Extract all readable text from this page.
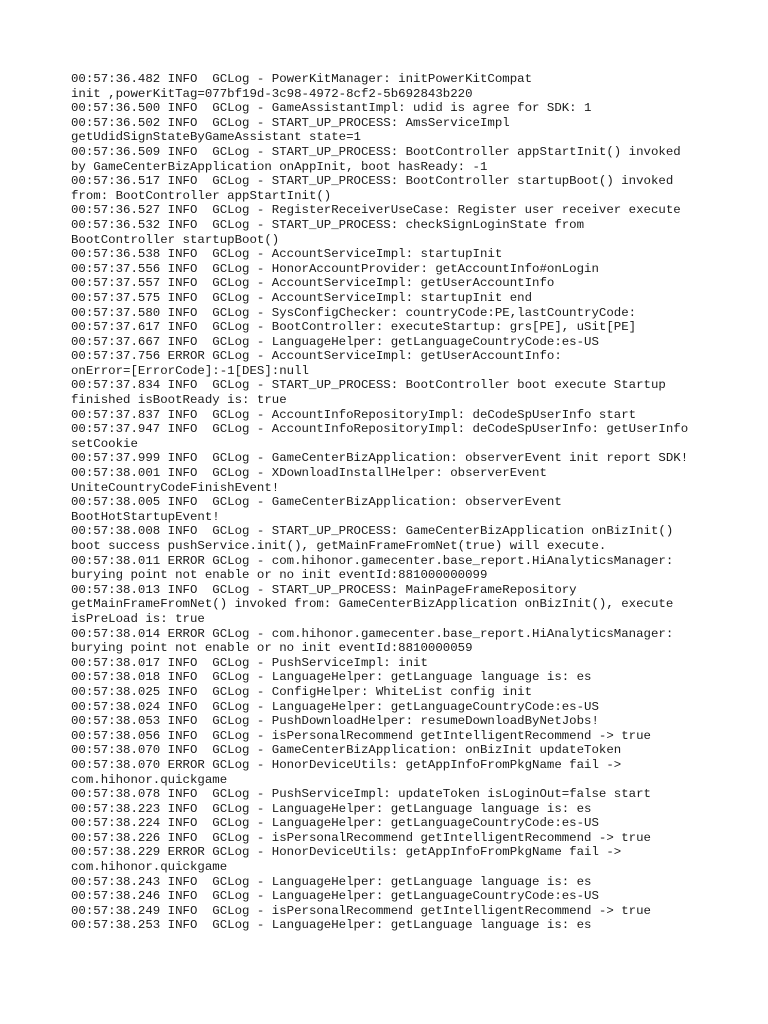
00:57:36.482 INFO  GCLog - PowerKitManager: initPowerKitCompat
init ,powerKitTag=077bf19d-3c98-4972-8cf2-5b692843b220
00:57:36.500 INFO  GCLog - GameAssistantImpl: udid is agree for SDK: 1
00:57:36.502 INFO  GCLog - START_UP_PROCESS: AmsServiceImpl
getUdidSignStateByGameAssistant state=1
00:57:36.509 INFO  GCLog - START_UP_PROCESS: BootController appStartInit() invoked
by GameCenterBizApplication onAppInit, boot hasReady: -1
00:57:36.517 INFO  GCLog - START_UP_PROCESS: BootController startupBoot() invoked
from: BootController appStartInit()
00:57:36.527 INFO  GCLog - RegisterReceiverUseCase: Register user receiver execute
00:57:36.532 INFO  GCLog - START_UP_PROCESS: checkSignLoginState from
BootController startupBoot()
00:57:36.538 INFO  GCLog - AccountServiceImpl: startupInit
00:57:37.556 INFO  GCLog - HonorAccountProvider: getAccountInfo#onLogin
00:57:37.557 INFO  GCLog - AccountServiceImpl: getUserAccountInfo
00:57:37.575 INFO  GCLog - AccountServiceImpl: startupInit end
00:57:37.580 INFO  GCLog - SysConfigChecker: countryCode:PE,lastCountryCode:
00:57:37.617 INFO  GCLog - BootController: executeStartup: grs[PE], uSit[PE]
00:57:37.667 INFO  GCLog - LanguageHelper: getLanguageCountryCode:es-US
00:57:37.756 ERROR GCLog - AccountServiceImpl: getUserAccountInfo:
onError=[ErrorCode]:-1[DES]:null
00:57:37.834 INFO  GCLog - START_UP_PROCESS: BootController boot execute Startup
finished isBootReady is: true
00:57:37.837 INFO  GCLog - AccountInfoRepositoryImpl: deCodeSpUserInfo start
00:57:37.947 INFO  GCLog - AccountInfoRepositoryImpl: deCodeSpUserInfo: getUserInfo
setCookie
00:57:37.999 INFO  GCLog - GameCenterBizApplication: observerEvent init report SDK!
00:57:38.001 INFO  GCLog - XDownloadInstallHelper: observerEvent
UniteCountryCodeFinishEvent!
00:57:38.005 INFO  GCLog - GameCenterBizApplication: observerEvent
BootHotStartupEvent!
00:57:38.008 INFO  GCLog - START_UP_PROCESS: GameCenterBizApplication onBizInit()
boot success pushService.init(), getMainFrameFromNet(true) will execute.
00:57:38.011 ERROR GCLog - com.hihonor.gamecenter.base_report.HiAnalyticsManager:
burying point not enable or no init eventId:881000000099
00:57:38.013 INFO  GCLog - START_UP_PROCESS: MainPageFrameRepository
getMainFrameFromNet() invoked from: GameCenterBizApplication onBizInit(), execute
isPreLoad is: true
00:57:38.014 ERROR GCLog - com.hihonor.gamecenter.base_report.HiAnalyticsManager:
burying point not enable or no init eventId:8810000059
00:57:38.017 INFO  GCLog - PushServiceImpl: init
00:57:38.018 INFO  GCLog - LanguageHelper: getLanguage language is: es
00:57:38.025 INFO  GCLog - ConfigHelper: WhiteList config init
00:57:38.024 INFO  GCLog - LanguageHelper: getLanguageCountryCode:es-US
00:57:38.053 INFO  GCLog - PushDownloadHelper: resumeDownloadByNetJobs!
00:57:38.056 INFO  GCLog - isPersonalRecommend getIntelligentRecommend -> true
00:57:38.070 INFO  GCLog - GameCenterBizApplication: onBizInit updateToken
00:57:38.070 ERROR GCLog - HonorDeviceUtils: getAppInfoFromPkgName fail ->
com.hihonor.quickgame
00:57:38.078 INFO  GCLog - PushServiceImpl: updateToken isLoginOut=false start
00:57:38.223 INFO  GCLog - LanguageHelper: getLanguage language is: es
00:57:38.224 INFO  GCLog - LanguageHelper: getLanguageCountryCode:es-US
00:57:38.226 INFO  GCLog - isPersonalRecommend getIntelligentRecommend -> true
00:57:38.229 ERROR GCLog - HonorDeviceUtils: getAppInfoFromPkgName fail ->
com.hihonor.quickgame
00:57:38.243 INFO  GCLog - LanguageHelper: getLanguage language is: es
00:57:38.246 INFO  GCLog - LanguageHelper: getLanguageCountryCode:es-US
00:57:38.249 INFO  GCLog - isPersonalRecommend getIntelligentRecommend -> true
00:57:38.253 INFO  GCLog - LanguageHelper: getLanguage language is: es
